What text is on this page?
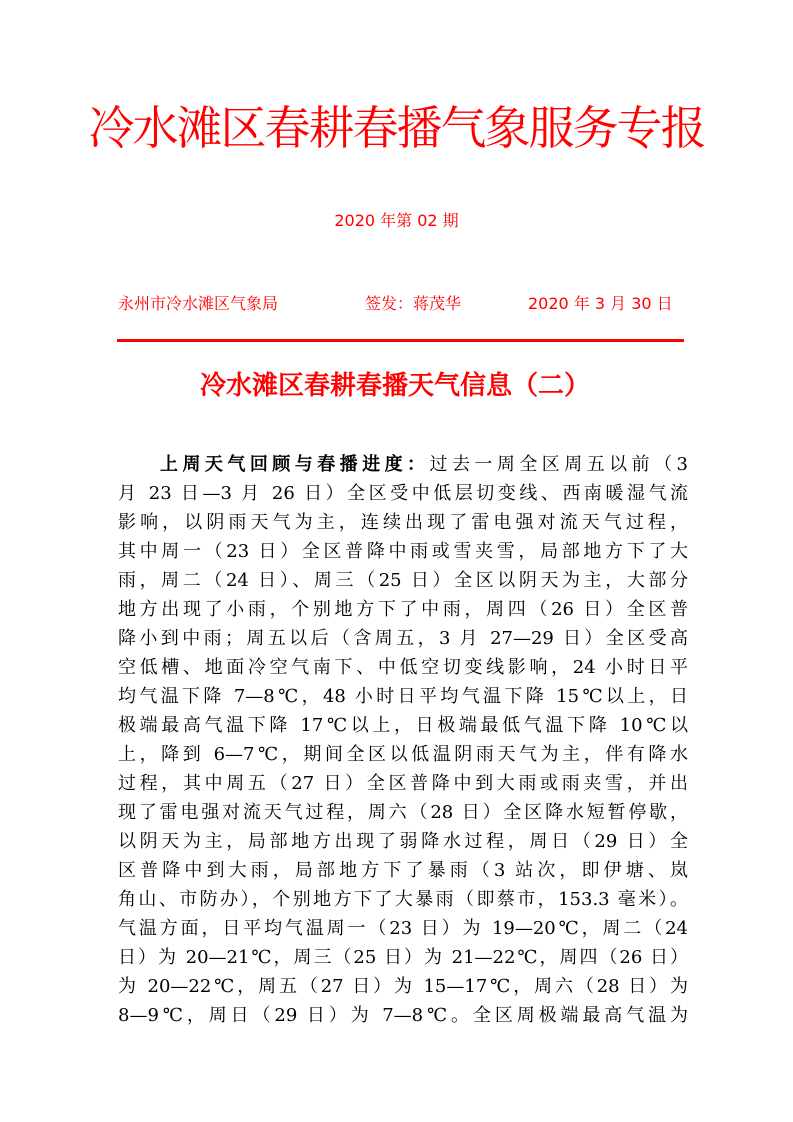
冷水滩区春耕春播气象服务专报
2020 年第 02 期
永州市冷水滩区气象局	签发：蒋茂华	2020 年 3 月 30 日
冷水滩区春耕春播天气信息（二）
上周天气回顾与春播进度：过去一周全区周五以前（3
月 23 日—3 月 26 日）全区受中低层切变线、西南暖湿气流
影响，以阴雨天气为主，连续出现了雷电强对流天气过程，
其中周一（23 日）全区普降中雨或雪夹雪，局部地方下了大
雨，周二（24 日）、周三（25 日）全区以阴天为主，大部分
地方出现了小雨，个别地方下了中雨，周四（26 日）全区普
降小到中雨；周五以后（含周五，3 月 27—29 日）全区受高
空低槽、地面冷空气南下、中低空切变线影响，24 小时日平
均气温下降 7—8℃，48 小时日平均气温下降 15℃以上，日
极端最高气温下降 17℃以上，日极端最低气温下降 10℃以
上，降到 6—7℃，期间全区以低温阴雨天气为主，伴有降水
过程，其中周五（27 日）全区普降中到大雨或雨夹雪，并出
现了雷电强对流天气过程，周六（28 日）全区降水短暂停歇，
以阴天为主，局部地方出现了弱降水过程，周日（29 日）全
区普降中到大雨，局部地方下了暴雨（3 站次，即伊塘、岚
角山、市防办），个别地方下了大暴雨（即蔡市，153.3 毫米）。
气温方面，日平均气温周一（23 日）为 19—20℃，周二（24
日）为 20—21℃，周三（25 日）为 21—22℃，周四（26 日）
为 20—22℃，周五（27 日）为 15—17℃，周六（28 日）为
8—9℃，周日（29 日）为 7—8℃。全区周极端最高气温为
